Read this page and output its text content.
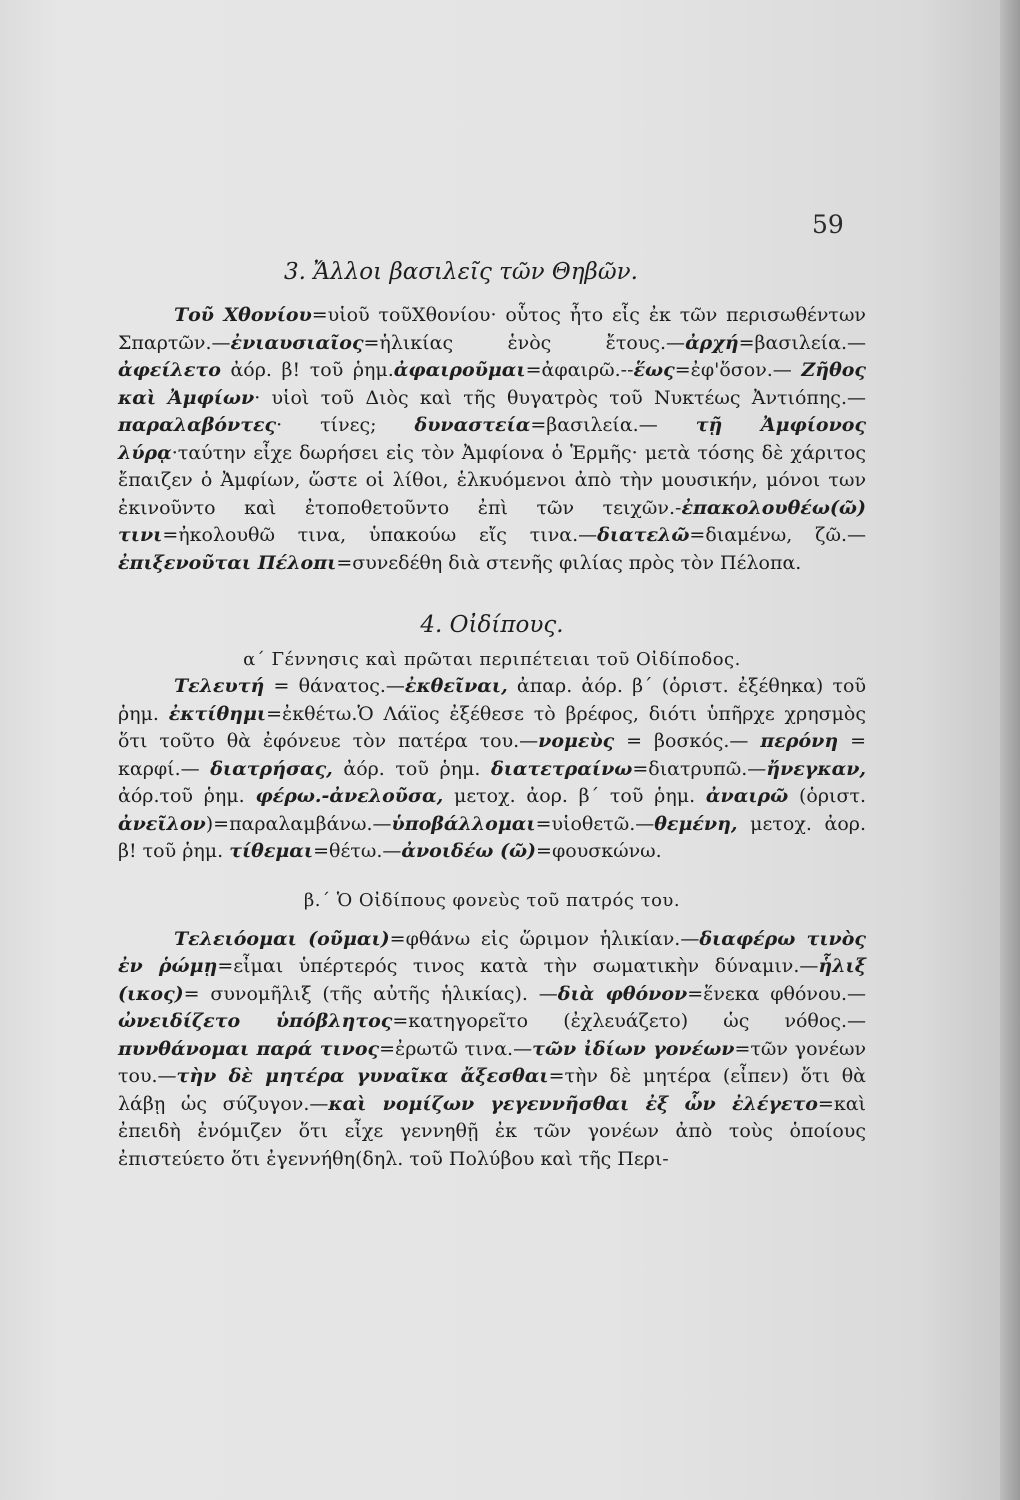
59
3. Ἄλλοι βασιλεῖς τῶν Θηβῶν.

Τοῦ Χθονίου=υἱοῦ τοῦΧθονίου· οὗτος ἦτο εἷς ἐκ τῶν περισωθέντων Σπαρτῶν.—ἐνιαυσιαῖος=ἡλικίας ἑνὸς ἔτους.—ἀρχή=βασιλεία.—ἀφείλετο ἀόρ. β! τοῦ ῥημ.ἀφαιροῦμαι=ἀφαιρῶ.--ἕως=ἐφ'ὅσον.— Ζῆθος καὶ Ἀμφίων· υἱοὶ τοῦ Διὸς καὶ τῆς θυγατρὸς τοῦ Νυκτέως Ἀντιόπης.—παραλαβόντες· τίνες; δυναστεία=βασιλεία.— τῇ Ἀμφίονος λύρᾳ·ταύτην εἶχε δωρήσει εἰς τὸν Ἀμφίονα ὁ Ἑρμῆς· μετὰ τόσης δὲ χάριτος ἔπαιζεν ὁ Ἀμφίων, ὥστε οἱ λίθοι, ἑλκυόμενοι ἀπὸ τὴν μουσικήν, μόνοι των ἐκινοῦντο καὶ ἐτοποθετοῦντο ἐπὶ τῶν τειχῶν.-ἐπακολουθέω(ῶ) τινι=ἠκολουθῶ τινα, ὑπακούω εἴς τινα.—διατελῶ=διαμένω, ζῶ.— ἐπιξενοῦται Πέλοπι=συνεδέθη διὰ στενῆς φιλίας πρὸς τὸν Πέλοπα.

4. Οἰδίπους.
α΄ Γέννησις καὶ πρῶται περιπέτειαι τοῦ Οἰδίποδος.

Τελευτή = θάνατος.—ἐκθεῖναι, ἀπαρ. ἀόρ. β΄ (ὁριστ. ἐξέθηκα) τοῦ ῥημ. ἐκτίθημι=ἐκθέτω.Ὁ Λάϊος ἐξέθεσε τὸ βρέφος, διότι ὑπῆρχε χρησμὸς ὅτι τοῦτο θὰ ἐφόνευε τὸν πατέρα του.—νομεὺς = βοσκός.— περόνη = καρφί.— διατρήσας, ἀόρ. τοῦ ῥημ. διατετραίνω=διατρυπῶ.—ἤνεγκαν, ἀόρ.τοῦ ῥημ. φέρω.-ἀνελοῦσα, μετοχ. ἀορ. β΄ τοῦ ῥημ. ἀναιρῶ (ὁριστ. ἀνεῖλον)=παραλαμβάνω.—ὑποβάλλομαι=υἱοθετῶ.—θεμένη, μετοχ. ἀορ. β! τοῦ ῥημ. τίθεμαι=θέτω.—ἀνοιδέω (ῶ)=φουσκώνω.

β.΄ Ὁ Οἰδίπους φονεὺς τοῦ πατρός του.

Τελειόομαι (οῦμαι)=φθάνω εἰς ὥριμον ἡλικίαν.—διαφέρω τινὸς ἐν ῥώμῃ=εἶμαι ὑπέρτερός τινος κατὰ τὴν σωματικὴν δύναμιν.—ἧλιξ (ικος)= συνομῆλιξ (τῆς αὐτῆς ἡλικίας). —διὰ φθόνον=ἕνεκα φθόνου.—ὠνειδίζετο ὑπόβλητος=κατηγορεῖτο (ἐχλευάζετο) ὡς νόθος.—πυνθάνομαι παρά τινος=ἐρωτῶ τινα.—τῶν ἰδίων γονέων=τῶν γονέων του.—τὴν δὲ μητέρα γυναῖκα ἄξεσθαι=τὴν δὲ μητέρα (εἶπεν) ὅτι θὰ λάβῃ ὡς σύζυγον.—καὶ νομίζων γεγεννῆσθαι ἐξ ὧν ἐλέγετο=καὶ ἐπειδὴ ἐνόμιζεν ὅτι εἶχε γεννηθῇ ἐκ τῶν γονέων ἀπὸ τοὺς ὁποίους ἐπιστεύετο ὅτι ἐγεννήθη(δηλ. τοῦ Πολύβου καὶ τῆς Περι-
